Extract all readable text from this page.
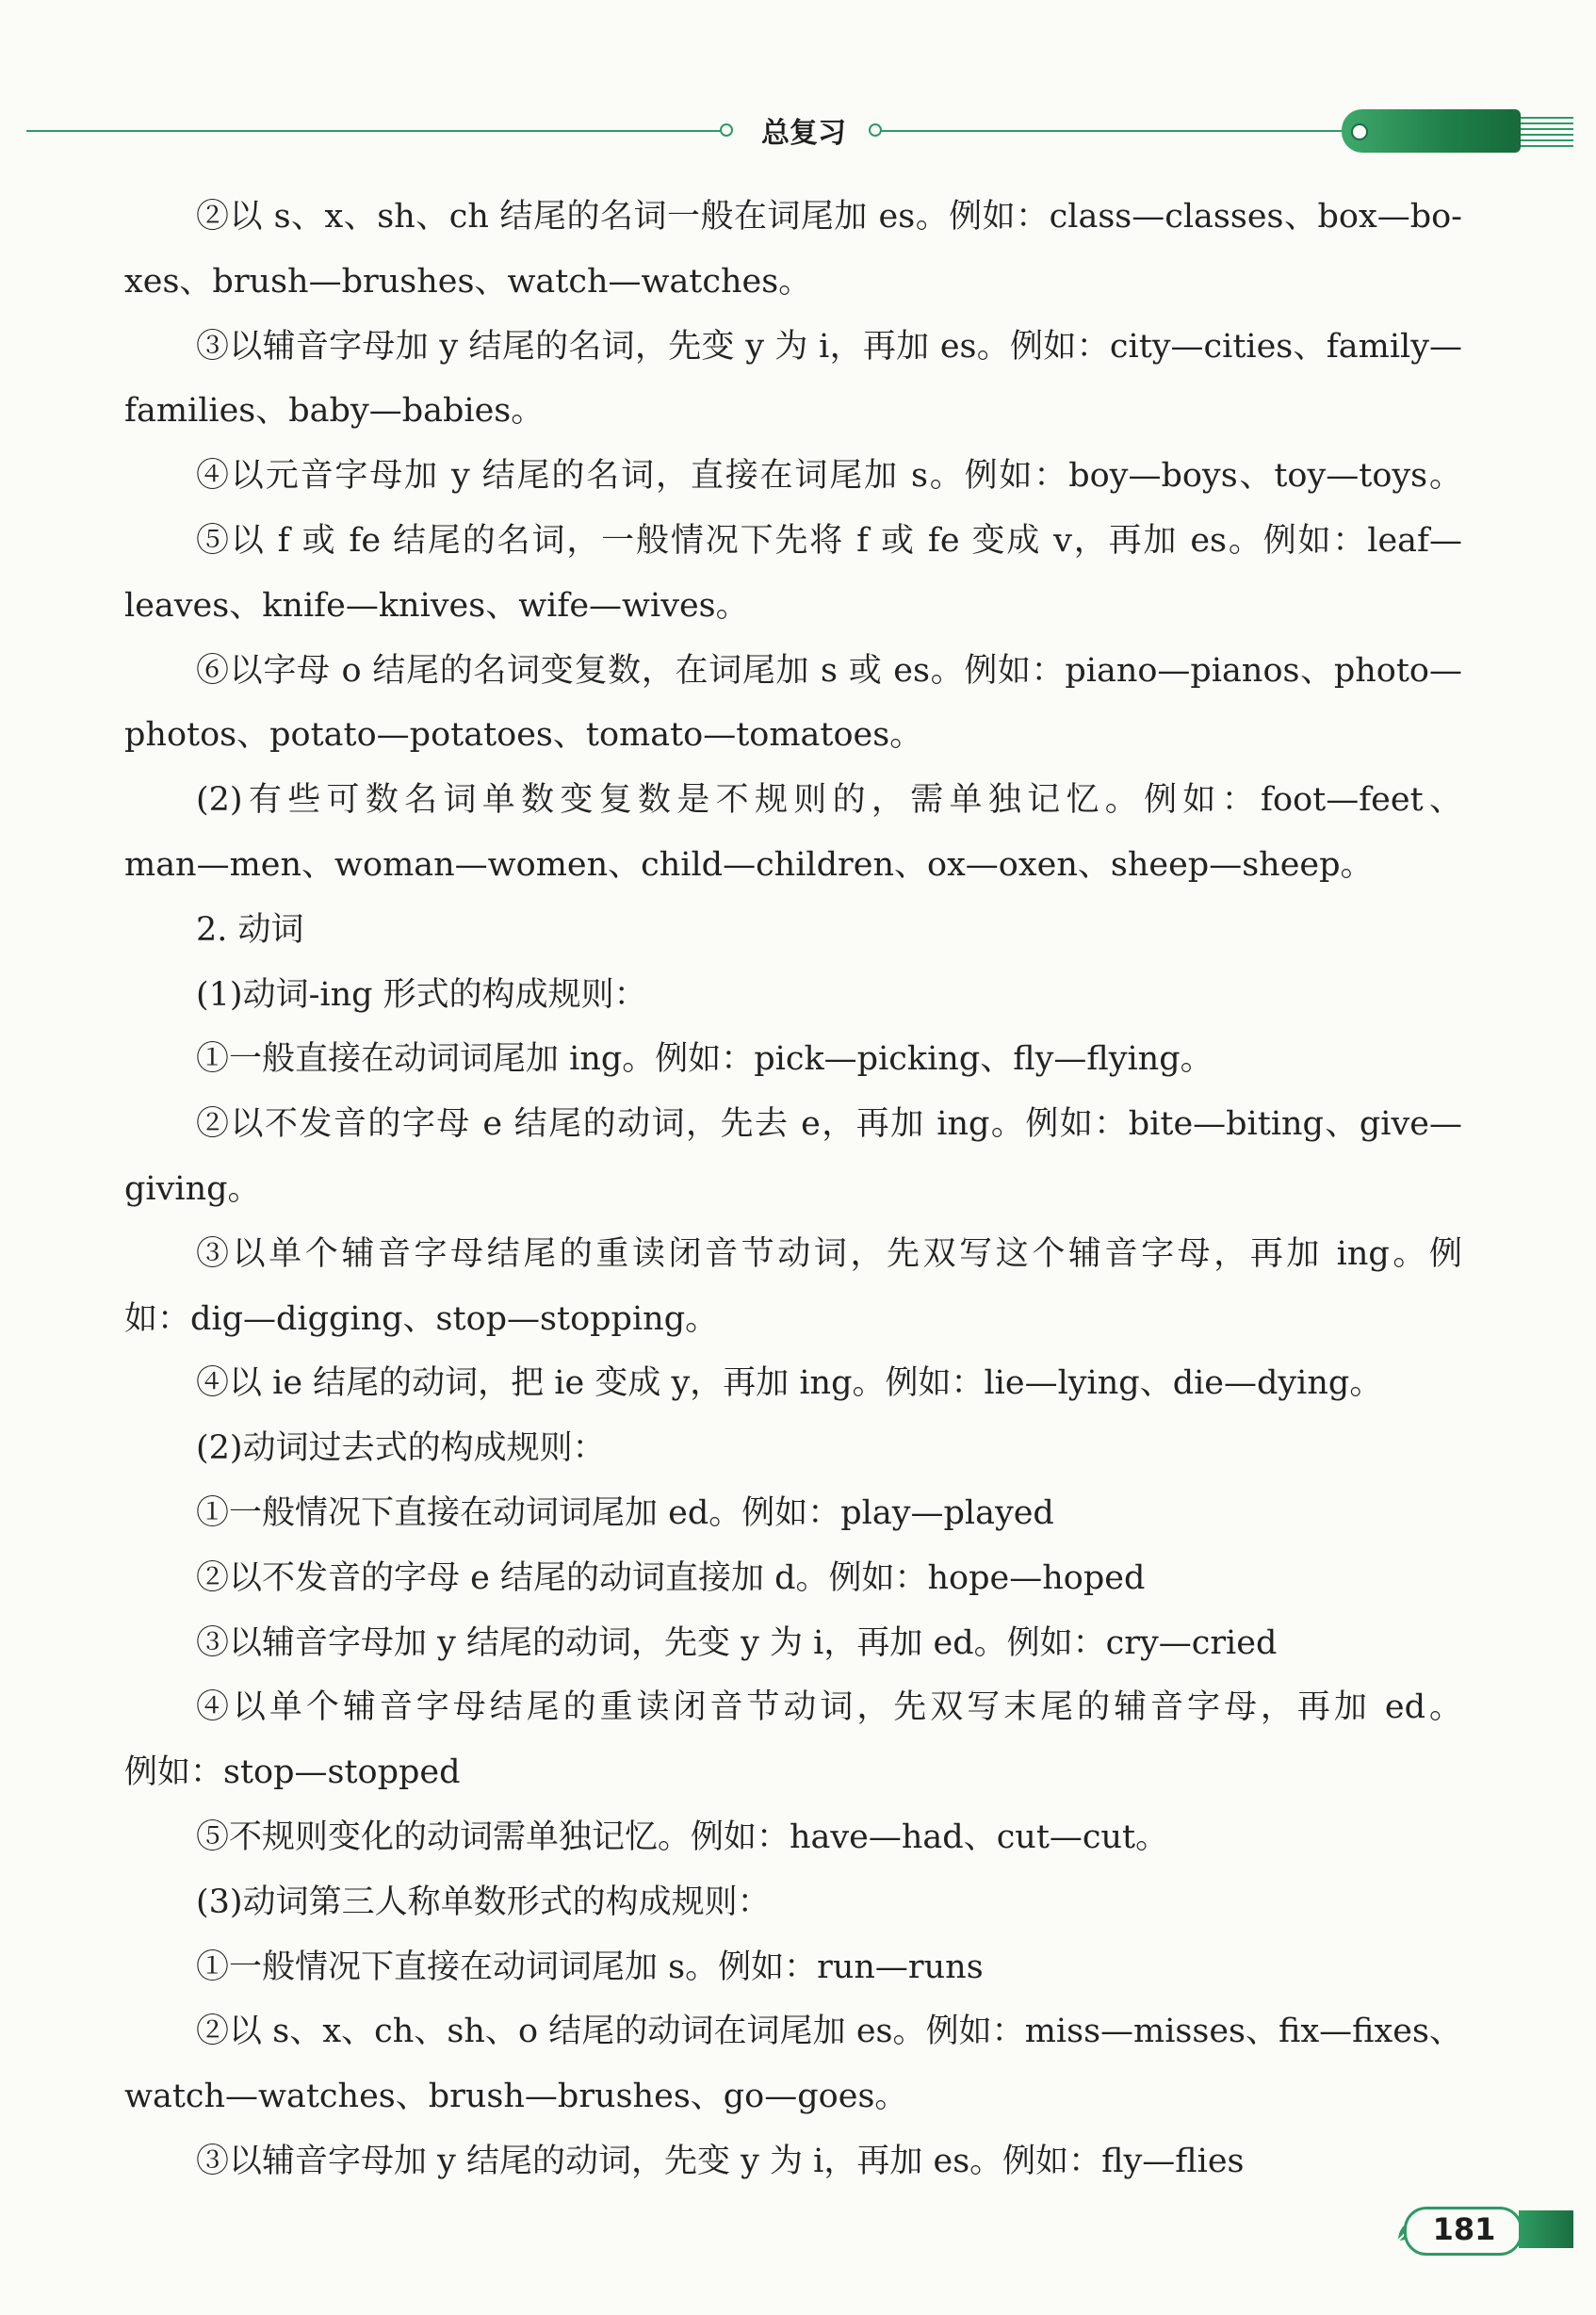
总复习
②以 s、x、sh、ch 结尾的名词一般在词尾加 es。例如：class—classes、box—bo-
xes、brush—brushes、watch—watches。
③以辅音字母加 y 结尾的名词，先变 y 为 i，再加 es。例如：city—cities、family—
families、baby—babies。
④以元音字母加 y 结尾的名词，直接在词尾加 s。例如：boy—boys、toy—toys。
⑤以 f 或 fe 结尾的名词，一般情况下先将 f 或 fe 变成 v，再加 es。例如：leaf—
leaves、knife—knives、wife—wives。
⑥以字母 o 结尾的名词变复数，在词尾加 s 或 es。例如：piano—pianos、photo—
photos、potato—potatoes、tomato—tomatoes。
(2)有些可数名词单数变复数是不规则的，需单独记忆。例如：foot—feet、
man—men、woman—women、child—children、ox—oxen、sheep—sheep。
2. 动词
(1)动词-ing 形式的构成规则：
①一般直接在动词词尾加 ing。例如：pick—picking、fly—flying。
②以不发音的字母 e 结尾的动词，先去 e，再加 ing。例如：bite—biting、give—
giving。
③以单个辅音字母结尾的重读闭音节动词，先双写这个辅音字母，再加 ing。例
如：dig—digging、stop—stopping。
④以 ie 结尾的动词，把 ie 变成 y，再加 ing。例如：lie—lying、die—dying。
(2)动词过去式的构成规则：
①一般情况下直接在动词词尾加 ed。例如：play—played
②以不发音的字母 e 结尾的动词直接加 d。例如：hope—hoped
③以辅音字母加 y 结尾的动词，先变 y 为 i，再加 ed。例如：cry—cried
④以单个辅音字母结尾的重读闭音节动词，先双写末尾的辅音字母，再加 ed。
例如：stop—stopped
⑤不规则变化的动词需单独记忆。例如：have—had、cut—cut。
(3)动词第三人称单数形式的构成规则：
①一般情况下直接在动词词尾加 s。例如：run—runs
②以 s、x、ch、sh、o 结尾的动词在词尾加 es。例如：miss—misses、fix—fixes、
watch—watches、brush—brushes、go—goes。
③以辅音字母加 y 结尾的动词，先变 y 为 i，再加 es。例如：fly—flies
181
